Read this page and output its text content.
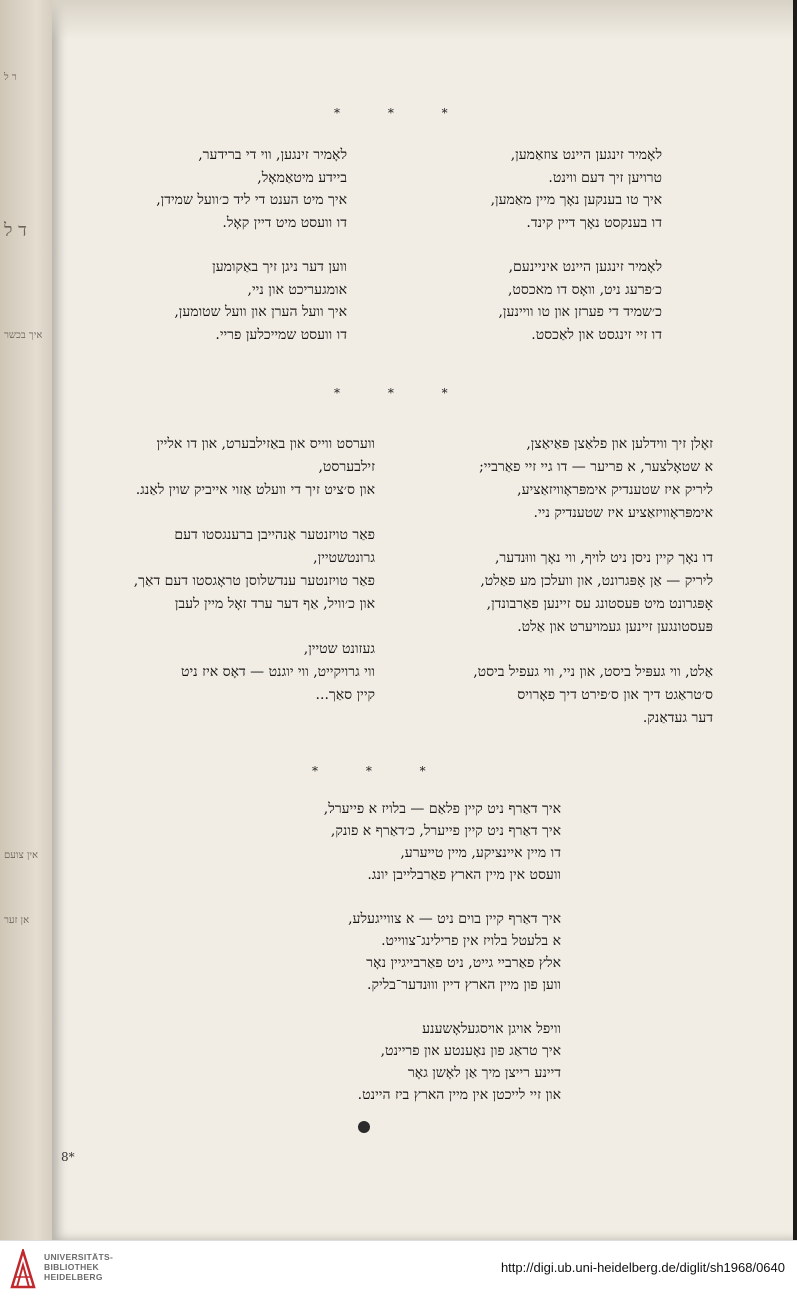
ר ל
ד ל
איך בכשר
אין צועם
אן זער
* * *
לאָמיר זינגען היינט צוזאַמען,
טרויען זיך דעם ווינט.
איך טו בענקען נאָך מיין מאַמען,
דו בענקסט נאָך דיין קינד.
לאָמיר זינגען היינט איניינעם,
כ׳פרעג ניט, וואָס דו מאכסט,
כ׳שמיד די פערזן און טו וויינען,
דו זיי זינגסט און לאַכסט.
לאָמיר זינגען, ווי די ברידער,
ביידע מיטאַמאָל,
איך מיט הענט די ליד כ׳וועל שמידן,
דו וועסט מיט דיין קאָל.
ווען דער ניגן זיך באַקומען
אומגעריכט און ניי,
איך וועל הערן און וועל שטומען,
דו וועסט שמייכלען פריי.
* * *
זאָלן זיך ווידלען און פלאַצן פּאַיאַצן,
א שטאָלצער, א פריער — דו גיי זיי פאַרביי;
ליריק איז שטענדיק אימפּראָוויזאַציע,
אימפּראָוויזאַציע איז שטענדיק ניי.
דו נאָך קיין ניסן ניט לויף, ווי נאָך וווּנדער,
ליריק — אַן אָפּגרונט, און וועלכן מע פאַלט,
אָפּגרונט מיט פּעסטונג עס זיינען פאַרבונדן,
פּעסטונגען זיינען געמויערט און אַלט.
אַלט, ווי געפּיל ביסט, און ניי, ווי געפיל ביסט,
ס׳טראַגט דיך און ס׳פירט דיך פאָרויס
דער געדאַנק.
ווערסט ווייס און באַזילבערט, און דו אליין
זילבערסט,
און ס׳ציט זיך די וועלט אַזוי אייביק שוין לאַנג.
פאַר טויזנטער אַנהייבן ברענגסטו דעם
גרונטשטיין,
פאַר טויזנטער ענדשלוסן טראָגסטו דעם דאַך,
און כ׳וויל, אַף דער ערד זאָל מיין לעבן
געזונט שטיין,
ווי גרויקייט, ווי יוגנט — דאָס איז ניט
קיין סאַך...
* * *
איך דאַרף ניט קיין פלאַם — בלויז א פייערל,
איך דאַרף ניט קיין פייערל, כ׳דאַרף א פונק,
דו מיין איינציקע, מיין טייערע,
וועסט אין מיין הארץ פאַרבלייבן יונג.
איך דאַרף קיין בוים ניט — א צווייגעלע,
א בלעטל בלויז אין פרילינג־צווייט.
אלץ פאַרביי גייט, ניט פאַרבייגיין נאָר
ווען פון מיין הארץ דיין וווּנדער־בליק.
וויפל אויגן אויסגעלאָשענע
איך טראַג פון נאָענטע און פריינט,
דיינע רייצן מיך אַן לאָשן גאָר
און זיי לייכטן אין מיין הארץ ביז היינט.
8*
UNIVERSITÄTS-
BIBLIOTHEK
HEIDELBERG
http://digi.ub.uni-heidelberg.de/diglit/sh1968/0640
